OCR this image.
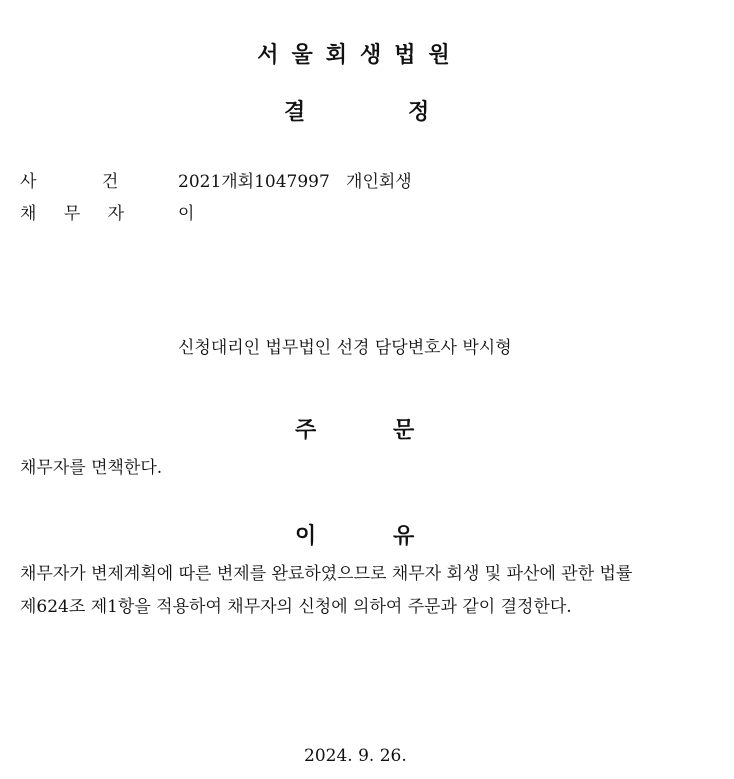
서울회생법원
결	정
사 건	2021개회1047997   개인회생
채 무 자	이
신청대리인 법무법인 선경 담당변호사 박시형
주	문
채무자를 면책한다.
이	유
채무자가 변제계획에 따른 변제를 완료하였으므로 채무자 회생 및 파산에 관한 법률
제624조 제1항을 적용하여 채무자의 신청에 의하여 주문과 같이 결정한다.
2024. 9. 26.
